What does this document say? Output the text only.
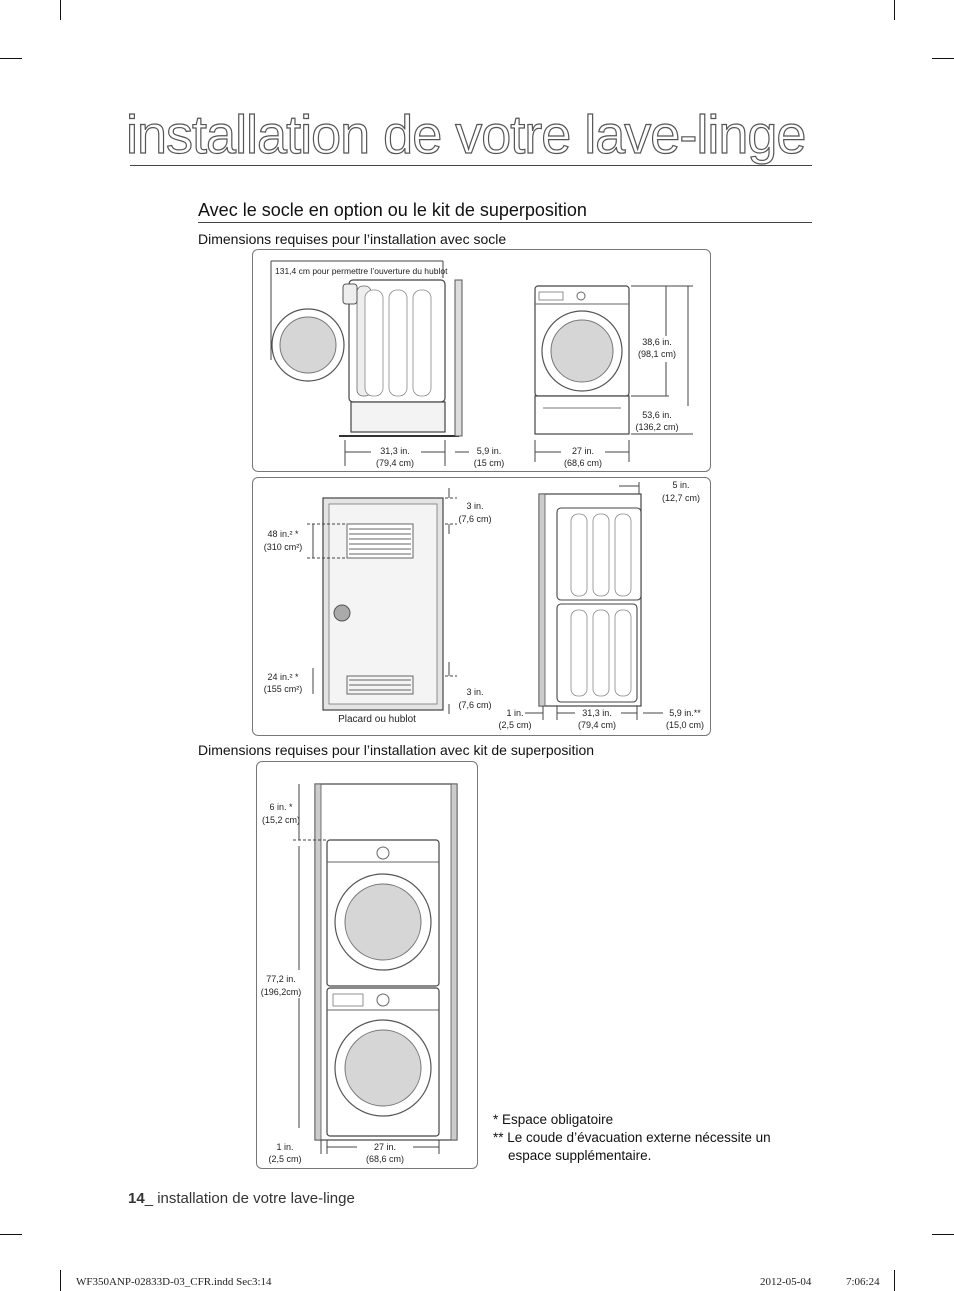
installation de votre lave-linge
Avec le socle en option ou le kit de superposition
Dimensions requises pour l’installation avec socle
131,4 cm pour permettre l’ouverture du hublot
31,3 in.
(79,4 cm)
5,9 in.
(15 cm)
38,6 in.
(98,1 cm)
53,6 in.
(136,2 cm)
27 in.
(68,6 cm)
48 in.² *
(310 cm²)
24 in.² *
(155 cm²)
3 in.
(7,6 cm)
3 in.
(7,6 cm)
Placard ou hublot
5 in.
(12,7 cm)
1 in.
(2,5 cm)
31,3 in.
(79,4 cm)
5,9 in.**
(15,0 cm)
Dimensions requises pour l’installation avec kit de superposition
6 in. *
(15,2 cm)
77,2 in.
(196,2cm)
1 in.
(2,5 cm)
27 in.
(68,6 cm)
* Espace obligatoire
** Le coude d’évacuation externe nécessite un
espace supplémentaire.
14_ installation de votre lave-linge
WF350ANP-02833D-03_CFR.indd Sec3:14	2012-05-04	7:06:24
